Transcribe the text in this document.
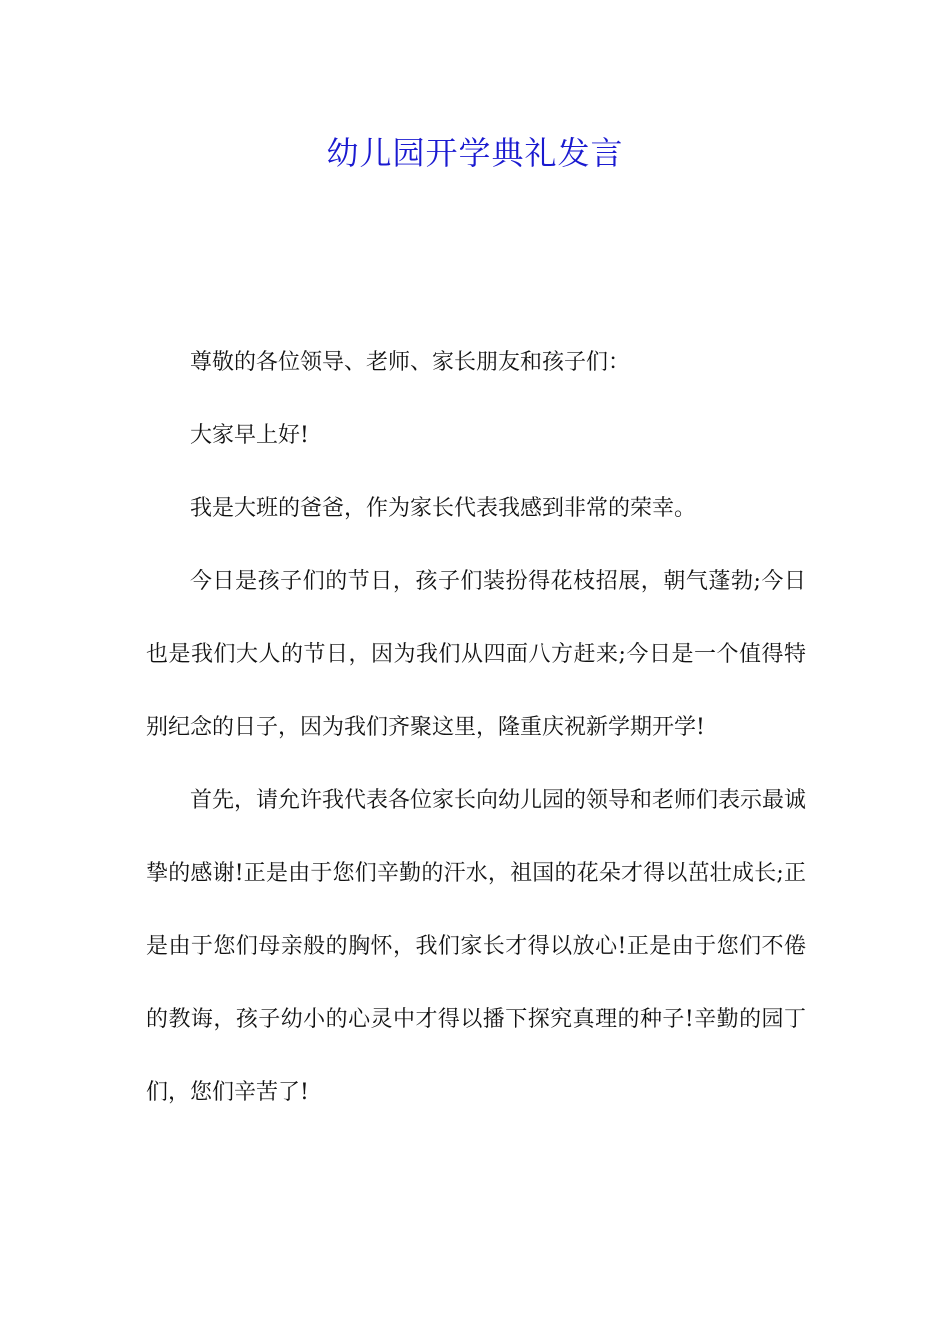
幼儿园开学典礼发言

尊敬的各位领导、老师、家长朋友和孩子们：

大家早上好!

我是大班的爸爸，作为家长代表我感到非常的荣幸。

今日是孩子们的节日，孩子们装扮得花枝招展，朝气蓬勃;今日也是我们大人的节日，因为我们从四面八方赶来;今日是一个值得特别纪念的日子，因为我们齐聚这里，隆重庆祝新学期开学!

首先，请允许我代表各位家长向幼儿园的领导和老师们表示最诚挚的感谢!正是由于您们辛勤的汗水，祖国的花朵才得以茁壮成长;正是由于您们母亲般的胸怀，我们家长才得以放心!正是由于您们不倦的教诲，孩子幼小的心灵中才得以播下探究真理的种子!辛勤的园丁们，您们辛苦了!
